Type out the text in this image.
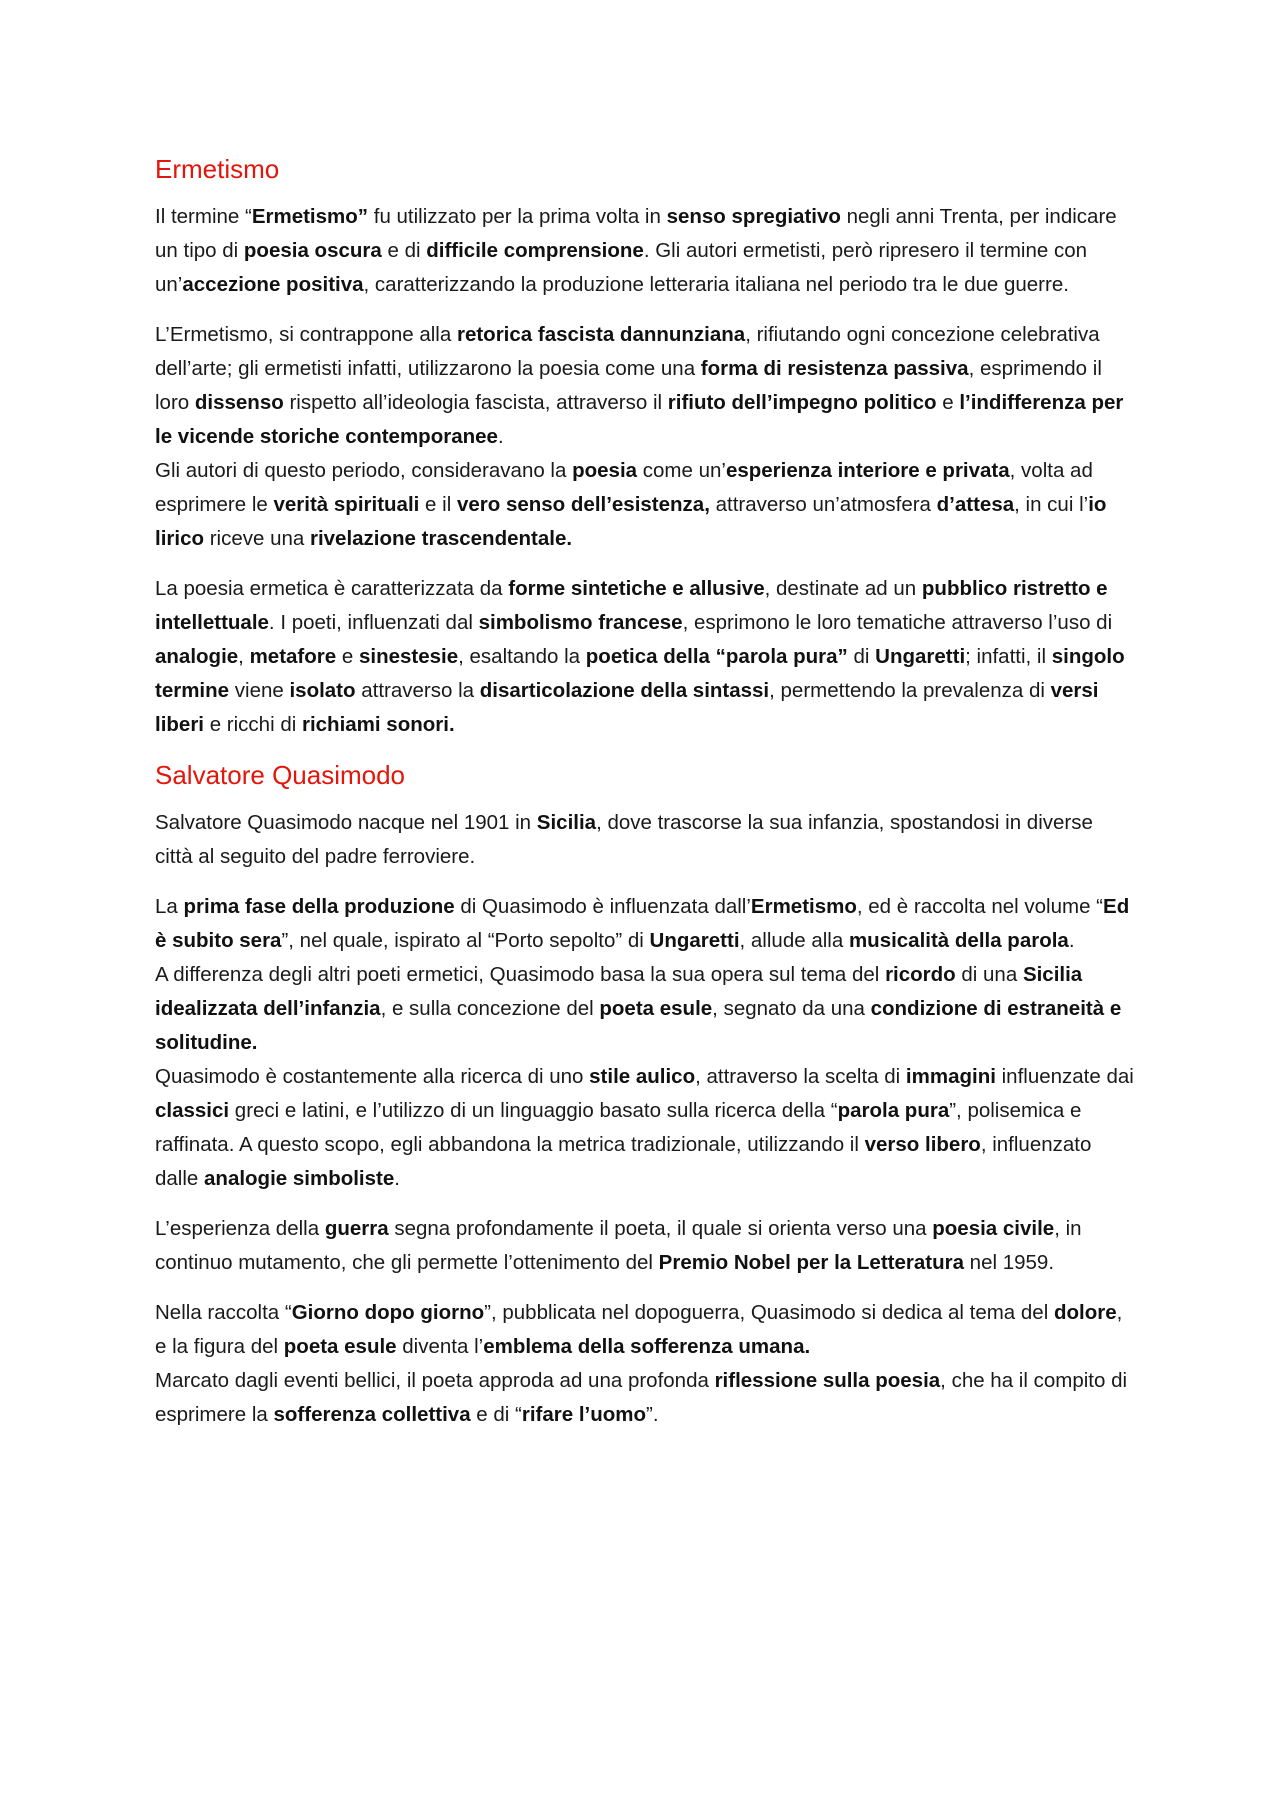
Ermetismo

Il termine “Ermetismo” fu utilizzato per la prima volta in senso spregiativo negli anni Trenta, per indicare un tipo di poesia oscura e di difficile comprensione. Gli autori ermetisti, però ripresero il termine con un’accezione positiva, caratterizzando la produzione letteraria italiana nel periodo tra le due guerre.

L’Ermetismo, si contrappone alla retorica fascista dannunziana, rifiutando ogni concezione celebrativa dell’arte; gli ermetisti infatti, utilizzarono la poesia come una forma di resistenza passiva, esprimendo il loro dissenso rispetto all’ideologia fascista, attraverso il rifiuto dell’impegno politico e l’indifferenza per le vicende storiche contemporanee.
Gli autori di questo periodo, consideravano la poesia come un’esperienza interiore e privata, volta ad esprimere le verità spirituali e il vero senso dell’esistenza, attraverso un’atmosfera d’attesa, in cui l’io lirico riceve una rivelazione trascendentale.

La poesia ermetica è caratterizzata da forme sintetiche e allusive, destinate ad un pubblico ristretto e intellettuale. I poeti, influenzati dal simbolismo francese, esprimono le loro tematiche attraverso l’uso di analogie, metafore e sinestesie, esaltando la poetica della “parola pura” di Ungaretti; infatti, il singolo termine viene isolato attraverso la disarticolazione della sintassi, permettendo la prevalenza di versi liberi e ricchi di richiami sonori.

Salvatore Quasimodo

Salvatore Quasimodo nacque nel 1901 in Sicilia, dove trascorse la sua infanzia, spostandosi in diverse città al seguito del padre ferroviere.

La prima fase della produzione di Quasimodo è influenzata dall’Ermetismo, ed è raccolta nel volume “Ed è subito sera”, nel quale, ispirato al “Porto sepolto” di Ungaretti, allude alla musicalità della parola.
A differenza degli altri poeti ermetici, Quasimodo basa la sua opera sul tema del ricordo di una Sicilia idealizzata dell’infanzia, e sulla concezione del poeta esule, segnato da una condizione di estraneità e solitudine.
Quasimodo è costantemente alla ricerca di uno stile aulico, attraverso la scelta di immagini influenzate dai classici greci e latini, e l’utilizzo di un linguaggio basato sulla ricerca della “parola pura”, polisemica e raffinata. A questo scopo, egli abbandona la metrica tradizionale, utilizzando il verso libero, influenzato dalle analogie simboliste.

L’esperienza della guerra segna profondamente il poeta, il quale si orienta verso una poesia civile, in continuo mutamento, che gli permette l’ottenimento del Premio Nobel per la Letteratura nel 1959.

Nella raccolta “Giorno dopo giorno”, pubblicata nel dopoguerra, Quasimodo si dedica al tema del dolore, e la figura del poeta esule diventa l’emblema della sofferenza umana.
Marcato dagli eventi bellici, il poeta approda ad una profonda riflessione sulla poesia, che ha il compito di esprimere la sofferenza collettiva e di “rifare l’uomo”.
